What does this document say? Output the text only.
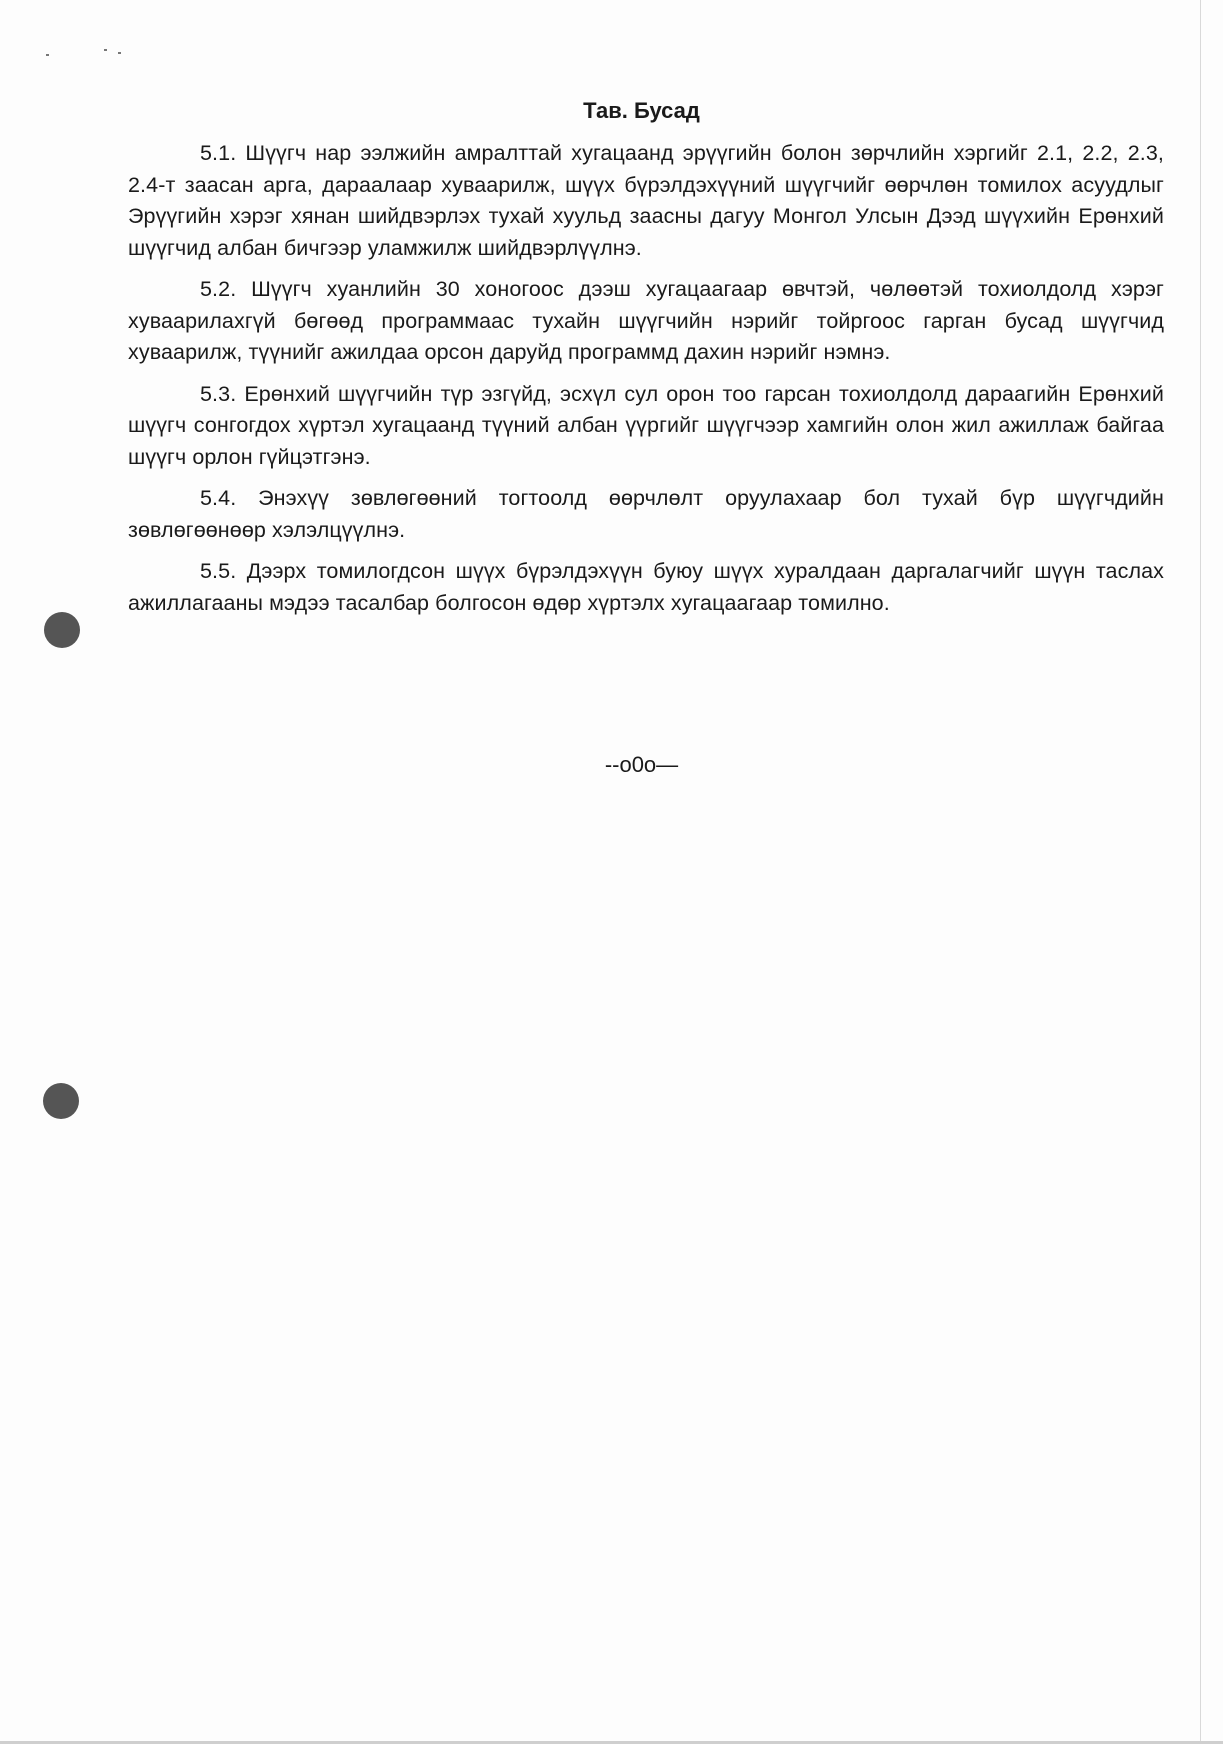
Тав. Бусад

5.1. Шүүгч нар ээлжийн амралттай хугацаанд эрүүгийн болон зөрчлийн хэргийг 2.1, 2.2, 2.3, 2.4-т заасан арга, дараалаар хуваарилж, шүүх бүрэлдэхүүний шүүгчийг өөрчлөн томилох асуудлыг Эрүүгийн хэрэг хянан шийдвэрлэх тухай хуульд заасны дагуу Монгол Улсын Дээд шүүхийн Ерөнхий шүүгчид албан бичгээр уламжилж шийдвэрлүүлнэ.

5.2. Шүүгч хуанлийн 30 хоногоос дээш хугацаагаар өвчтэй, чөлөөтэй тохиолдолд хэрэг хуваарилахгүй бөгөөд программаас тухайн шүүгчийн нэрийг тойргоос гарган бусад шүүгчид хуваарилж, түүнийг ажилдаа орсон даруйд программд дахин нэрийг нэмнэ.

5.3. Ерөнхий шүүгчийн түр эзгүйд, эсхүл сул орон тоо гарсан тохиолдолд дараагийн Ерөнхий шүүгч сонгогдох хүртэл хугацаанд түүний албан үүргийг шүүгчээр хамгийн олон жил ажиллаж байгаа шүүгч орлон гүйцэтгэнэ.

5.4. Энэхүү зөвлөгөөний тогтоолд өөрчлөлт оруулахаар бол тухай бүр шүүгчдийн зөвлөгөөнөөр хэлэлцүүлнэ.

5.5. Дээрх томилогдсон шүүх бүрэлдэхүүн буюу шүүх хуралдаан даргалагчийг шүүн таслах ажиллагааны мэдээ тасалбар болгосон өдөр хүртэлх хугацаагаар томилно.

--o0o—
